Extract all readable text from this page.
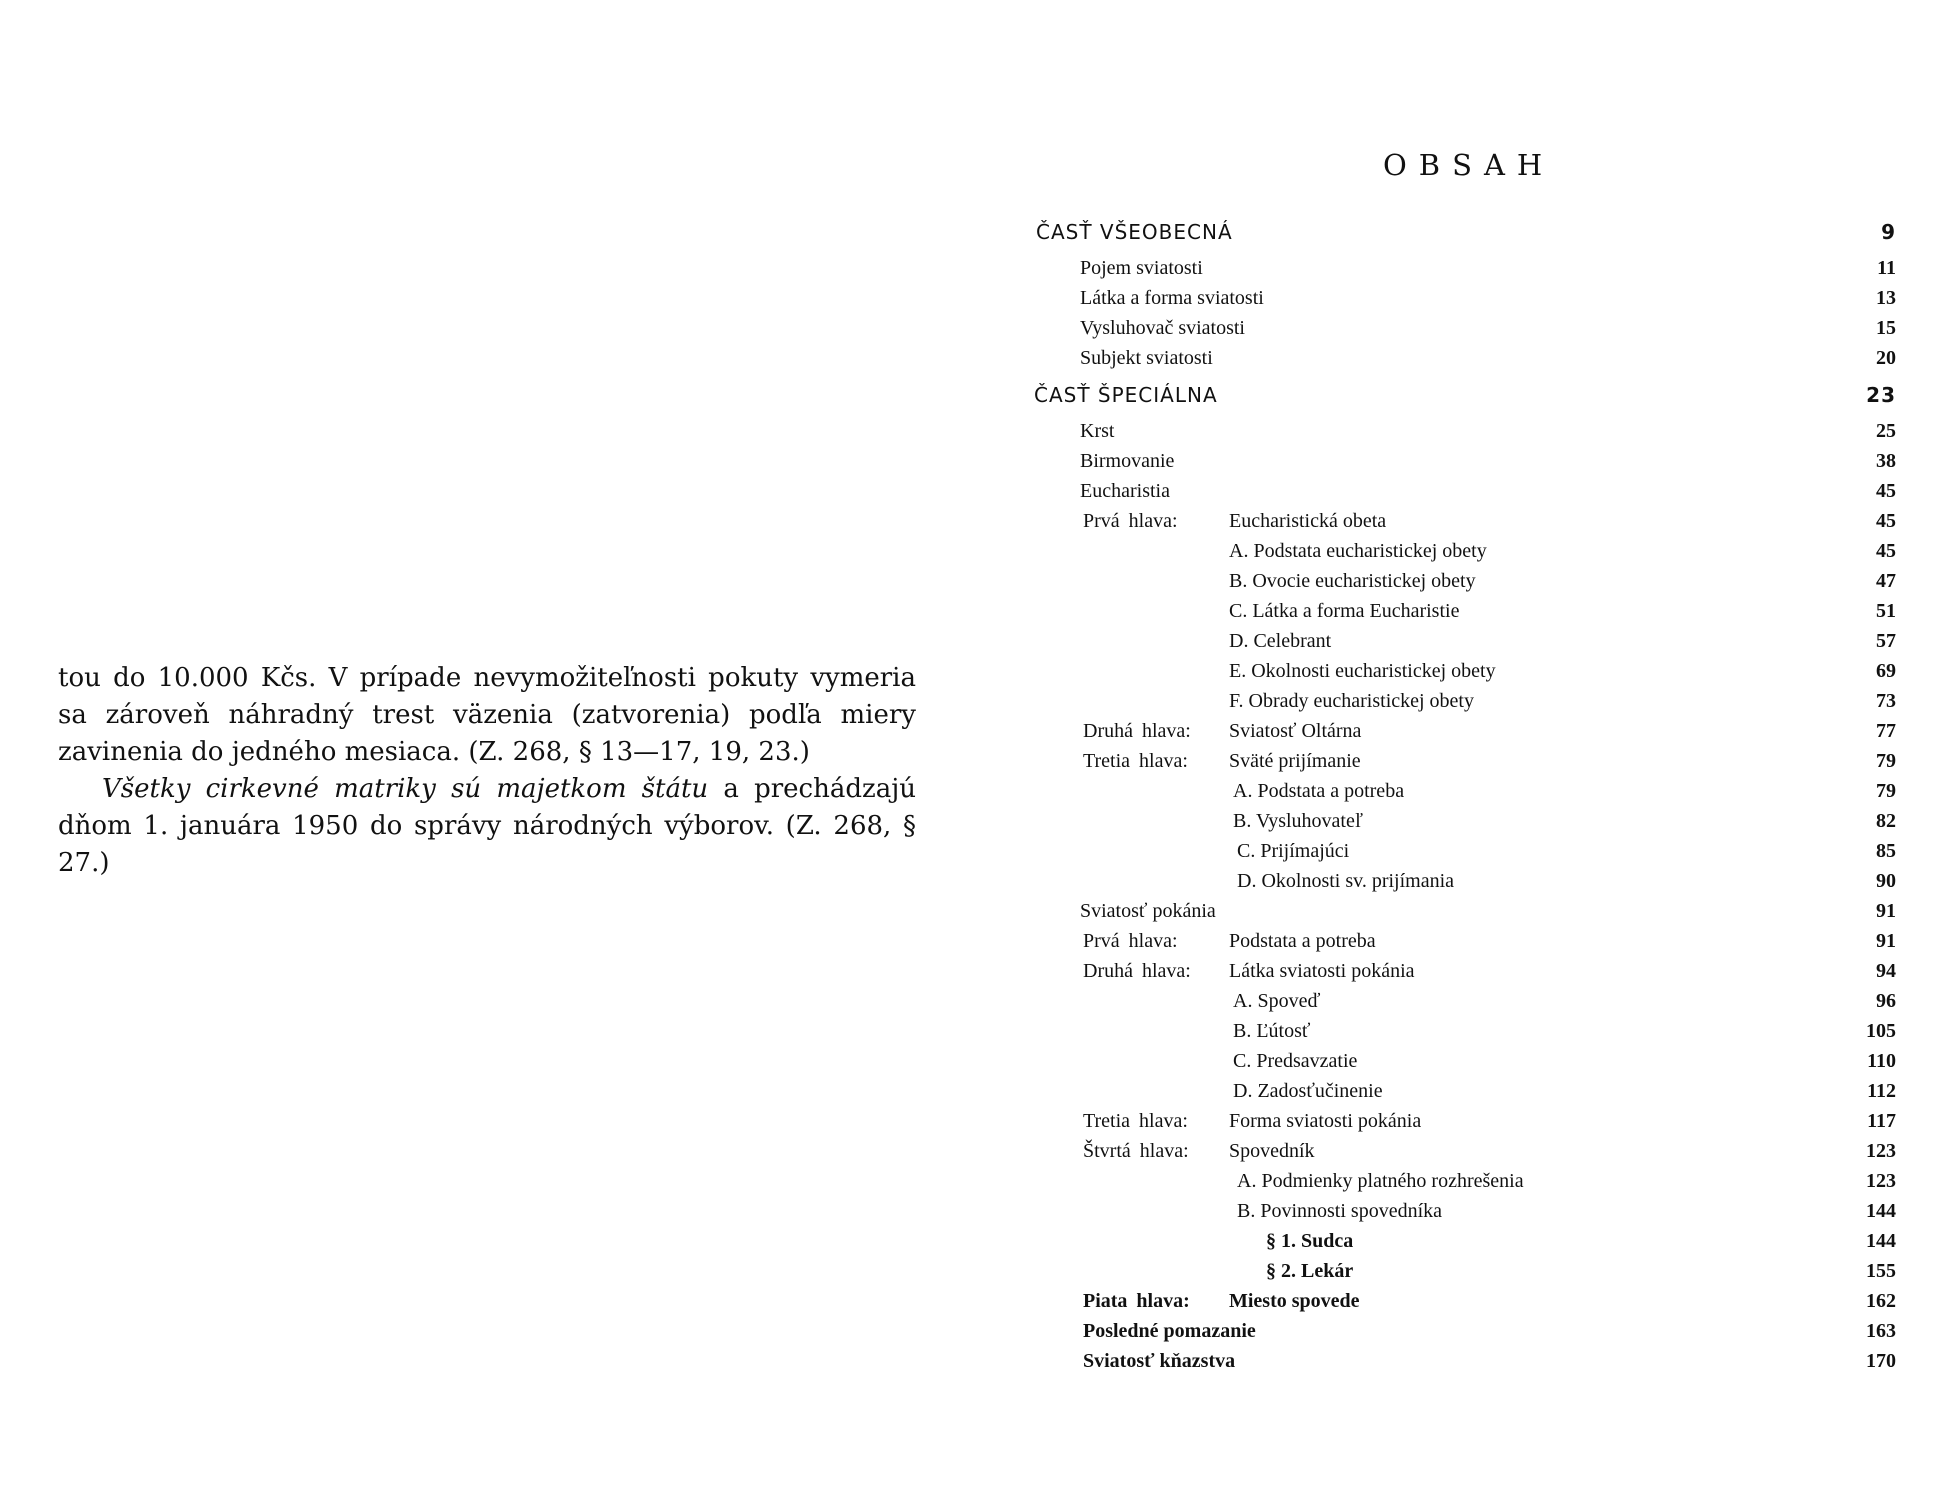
tou do 10.000 Kčs. V prípade nevymožiteľnosti pokuty vymeria sa zároveň náhradný trest väzenia (zatvorenia) podľa miery zavinenia do jedného mesiaca. (Z. 268, § 13—17, 19, 23.)

Všetky cirkevné matriky sú majetkom štátu a prechádzajú dňom 1. januára 1950 do správy národných výborov. (Z. 268, § 27.)

OBSAH
ČASŤ VŠEOBECNÁ	9
Pojem sviatosti	11
Látka a forma sviatosti	13
Vysluhovač sviatosti	15
Subjekt sviatosti	20
ČASŤ ŠPECIÁLNA	23
Krst	25
Birmovanie	38
Eucharistia	45
Prvá hlava:	Eucharistická obeta	45
A. Podstata eucharistickej obety	45
B. Ovocie eucharistickej obety	47
C. Látka a forma Eucharistie	51
D. Celebrant	57
E. Okolnosti eucharistickej obety	69
F. Obrady eucharistickej obety	73
Druhá hlava: Sviatosť Oltárna	77
Tretia hlava: Sväté prijímanie	79
A. Podstata a potreba	79
B. Vysluhovateľ	82
C. Prijímajúci	85
D. Okolnosti sv. prijímania	90
Sviatosť pokánia	91
Prvá hlava:	Podstata a potreba	91
Druhá hlava: Látka sviatosti pokánia	94
A. Spoveď	96
B. Ľútosť	105
C. Predsavzatie	110
D. Zadosťučinenie	112
Tretia hlava: Forma sviatosti pokánia	117
Štvrtá hlava: Spovedník	123
A. Podmienky platného rozhrešenia	123
B. Povinnosti spovedníka	144
§ 1. Sudca	144
§ 2. Lekár	155
Piata hlava: Miesto spovede	162
Posledné pomazanie	163
Sviatosť kňazstva	170
